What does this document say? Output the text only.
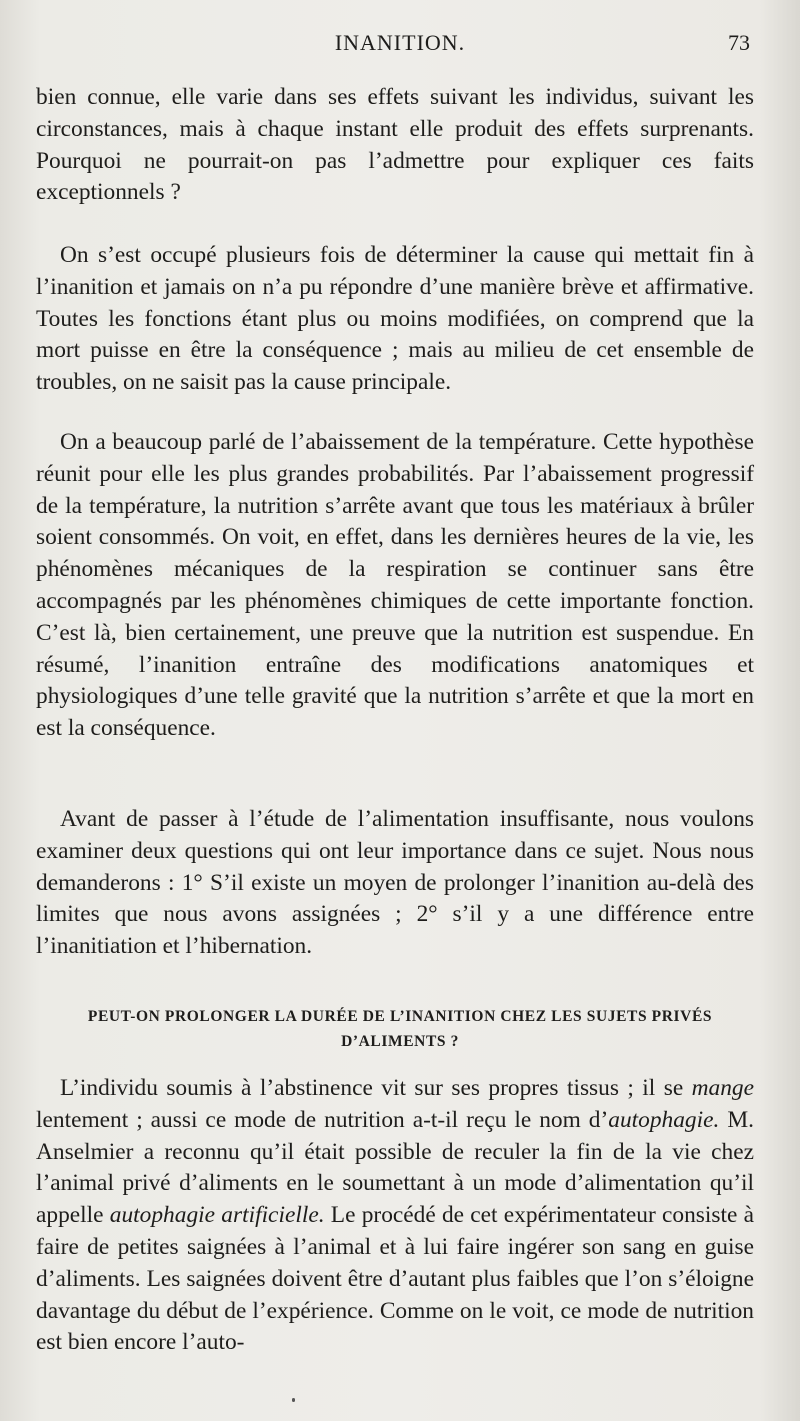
INANITION.	73

bien connue, elle varie dans ses effets suivant les individus, suivant les circonstances, mais à chaque instant elle produit des effets surprenants. Pourquoi ne pourrait-on pas l’admettre pour expliquer ces faits exceptionnels ?

On s’est occupé plusieurs fois de déterminer la cause qui mettait fin à l’inanition et jamais on n’a pu répondre d’une manière brève et affirmative. Toutes les fonctions étant plus ou moins modifiées, on comprend que la mort puisse en être la conséquence ; mais au milieu de cet ensemble de troubles, on ne saisit pas la cause principale.

On a beaucoup parlé de l’abaissement de la température. Cette hypothèse réunit pour elle les plus grandes probabilités. Par l’abaissement progressif de la température, la nutrition s’arrête avant que tous les matériaux à brûler soient consommés. On voit, en effet, dans les dernières heures de la vie, les phénomènes mécaniques de la respiration se continuer sans être accompagnés par les phénomènes chimiques de cette importante fonction. C’est là, bien certainement, une preuve que la nutrition est suspendue. En résumé, l’inanition entraîne des modifications anatomiques et physiologiques d’une telle gravité que la nutrition s’arrête et que la mort en est la conséquence.

Avant de passer à l’étude de l’alimentation insuffisante, nous voulons examiner deux questions qui ont leur importance dans ce sujet. Nous nous demanderons : 1° S’il existe un moyen de prolonger l’inanition au-delà des limites que nous avons assignées ; 2° s’il y a une différence entre l’inanitiation et l’hibernation.

PEUT-ON PROLONGER LA DURÉE DE L’INANITION CHEZ LES SUJETS PRIVÉS D’ALIMENTS ?

L’individu soumis à l’abstinence vit sur ses propres tissus ; il se mange lentement ; aussi ce mode de nutrition a-t-il reçu le nom d’autophagie. M. Anselmier a reconnu qu’il était possible de reculer la fin de la vie chez l’animal privé d’aliments en le soumettant à un mode d’alimentation qu’il appelle autophagie artificielle. Le procédé de cet expérimentateur consiste à faire de petites saignées à l’animal et à lui faire ingérer son sang en guise d’aliments. Les saignées doivent être d’autant plus faibles que l’on s’éloigne davantage du début de l’expérience. Comme on le voit, ce mode de nutrition est bien encore l’auto-
